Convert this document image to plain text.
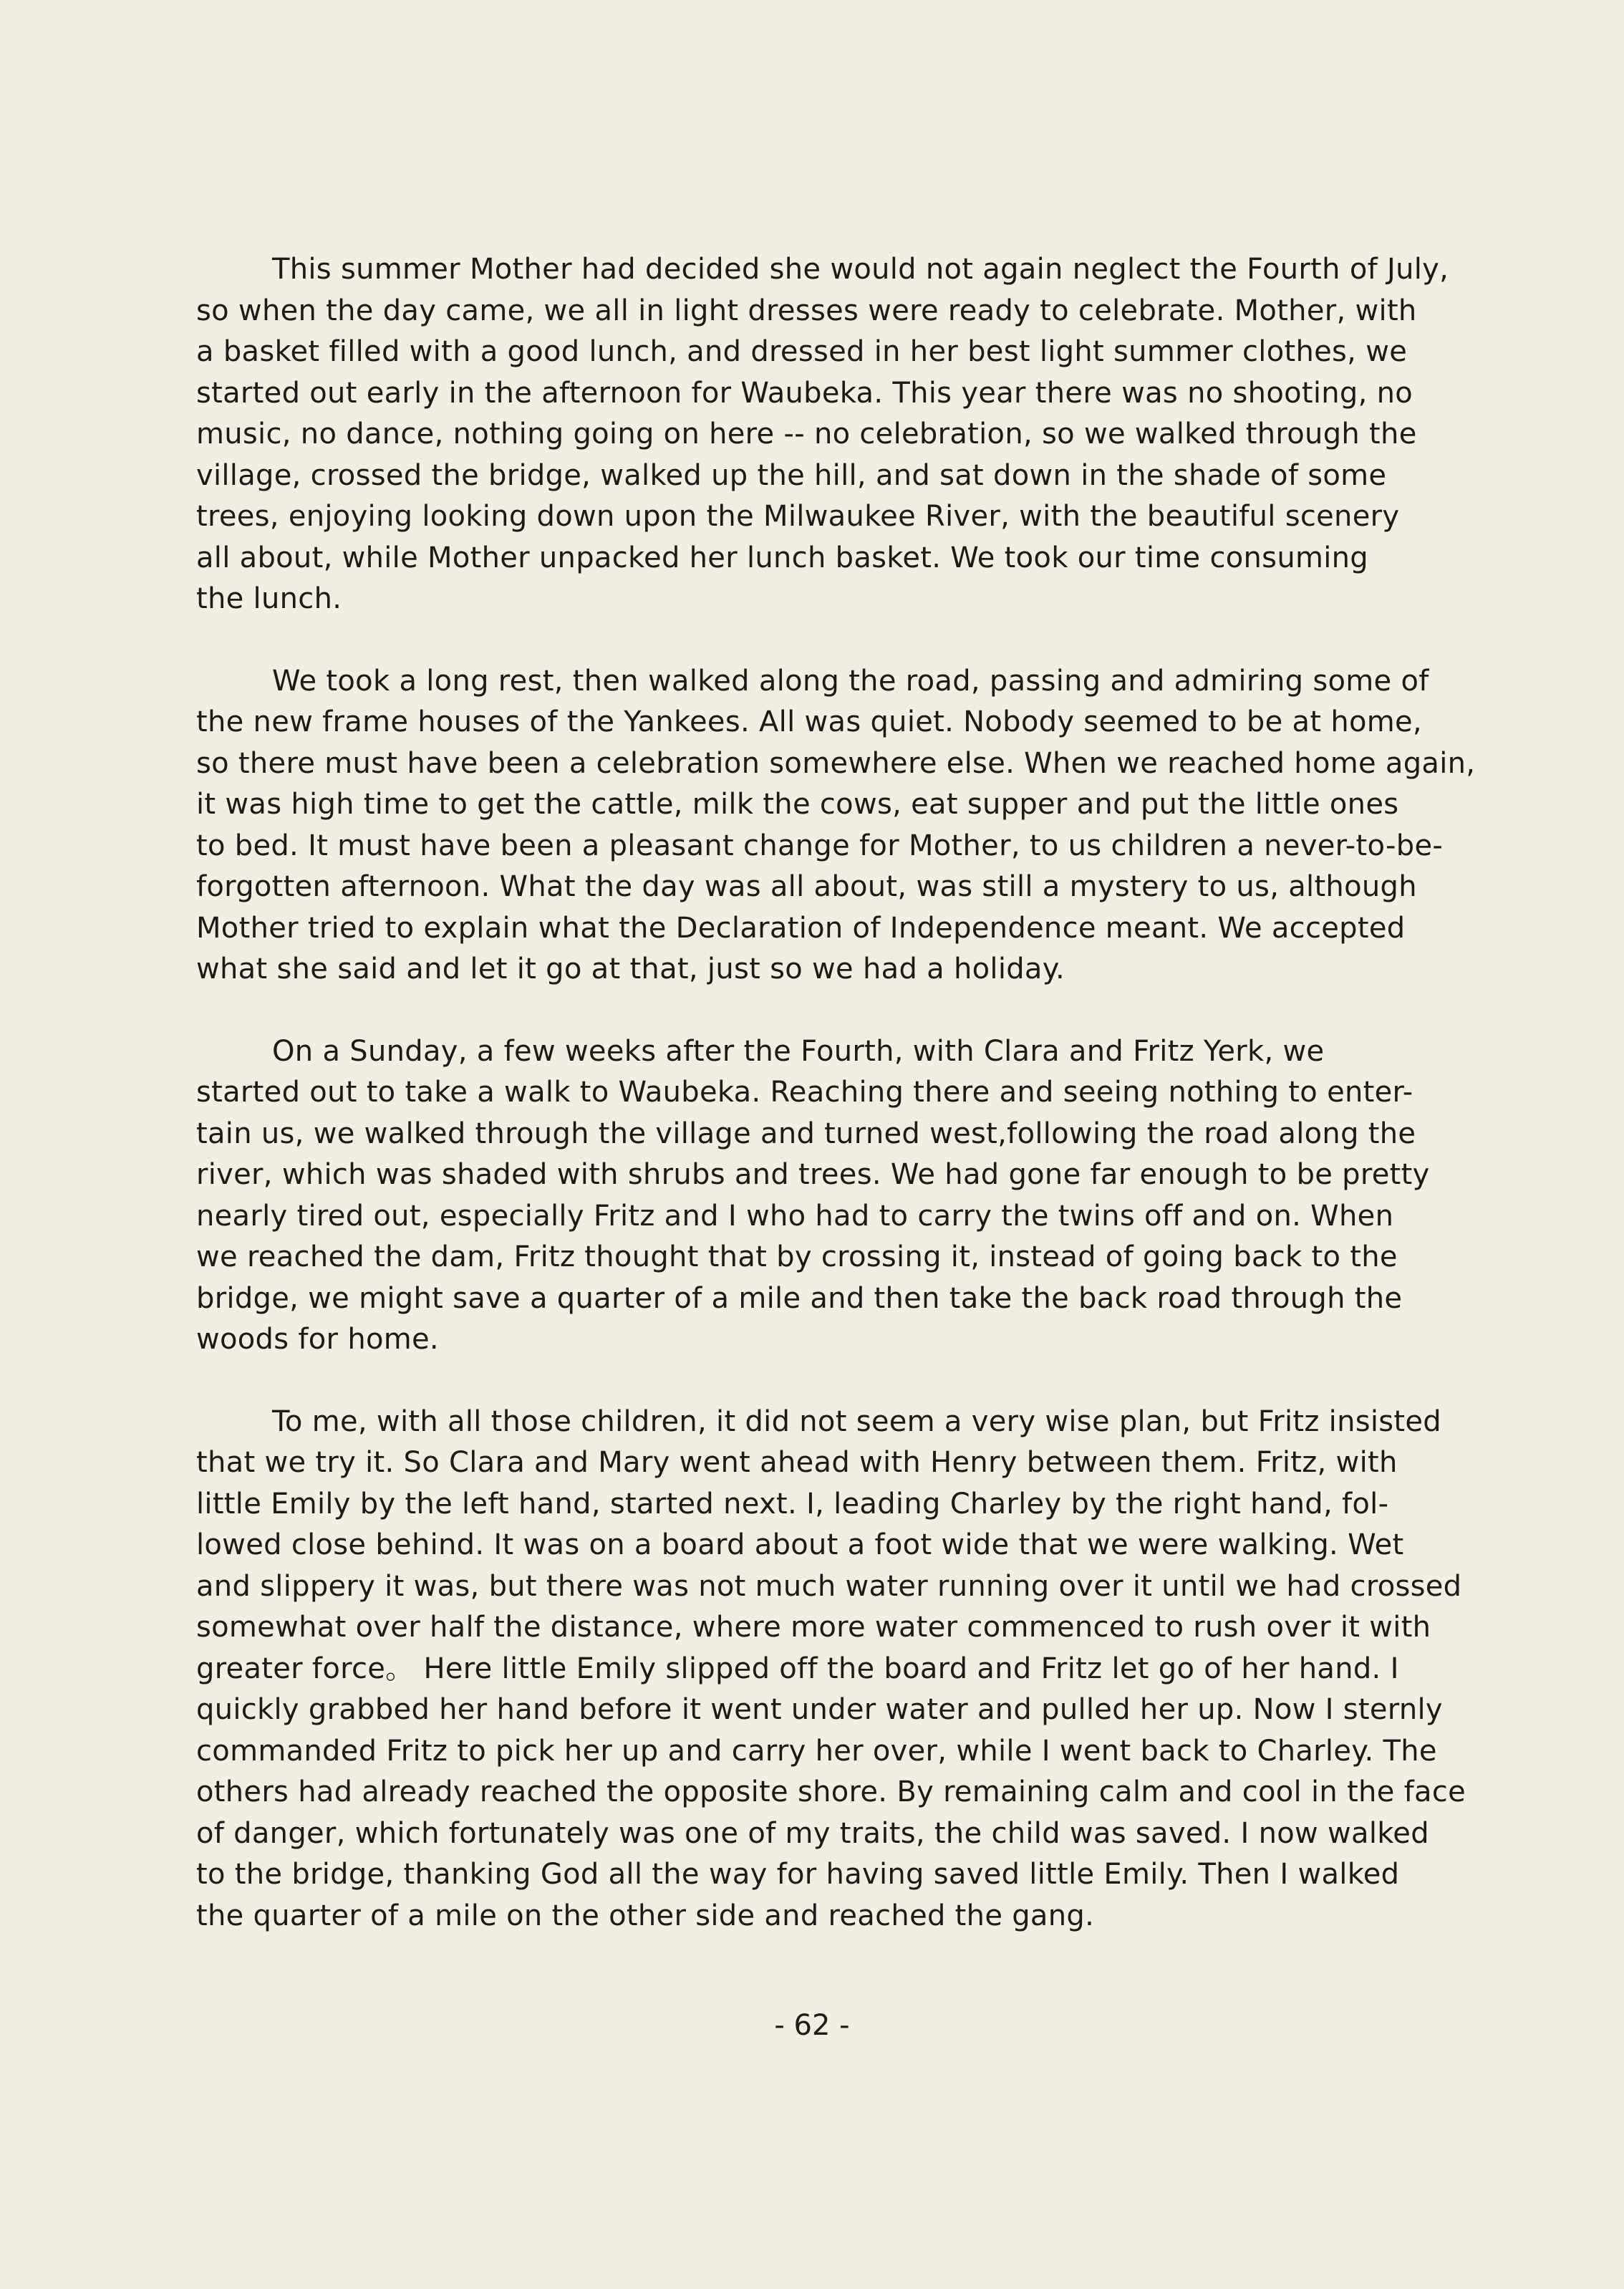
This summer Mother had decided she would not again neglect the Fourth of July,
so when the day came, we all in light dresses were ready to celebrate. Mother, with
a basket filled with a good lunch, and dressed in her best light summer clothes, we
started out early in the afternoon for Waubeka. This year there was no shooting, no
music, no dance, nothing going on here -- no celebration, so we walked through the
village, crossed the bridge, walked up the hill, and sat down in the shade of some
trees, enjoying looking down upon the Milwaukee River, with the beautiful scenery
all about, while Mother unpacked her lunch basket. We took our time consuming
the lunch.
We took a long rest, then walked along the road, passing and admiring some of
the new frame houses of the Yankees. All was quiet. Nobody seemed to be at home,
so there must have been a celebration somewhere else. When we reached home again,
it was high time to get the cattle, milk the cows, eat supper and put the little ones
to bed. It must have been a pleasant change for Mother, to us children a never-to-be-
forgotten afternoon. What the day was all about, was still a mystery to us, although
Mother tried to explain what the Declaration of Independence meant. We accepted
what she said and let it go at that, just so we had a holiday.
On a Sunday, a few weeks after the Fourth, with Clara and Fritz Yerk, we
started out to take a walk to Waubeka. Reaching there and seeing nothing to enter-
tain us, we walked through the village and turned west,following the road along the
river, which was shaded with shrubs and trees. We had gone far enough to be pretty
nearly tired out, especially Fritz and I who had to carry the twins off and on. When
we reached the dam, Fritz thought that by crossing it, instead of going back to the
bridge, we might save a quarter of a mile and then take the back road through the
woods for home.
To me, with all those children, it did not seem a very wise plan, but Fritz insisted
that we try it. So Clara and Mary went ahead with Henry between them. Fritz, with
little Emily by the left hand, started next. I, leading Charley by the right hand, fol-
lowed close behind. It was on a board about a foot wide that we were walking. Wet
and slippery it was, but there was not much water running over it until we had crossed
somewhat over half the distance, where more water commenced to rush over it with
greater force。 Here little Emily slipped off the board and Fritz let go of her hand. I
quickly grabbed her hand before it went under water and pulled her up. Now I sternly
commanded Fritz to pick her up and carry her over, while I went back to Charley. The
others had already reached the opposite shore. By remaining calm and cool in the face
of danger, which fortunately was one of my traits, the child was saved. I now walked
to the bridge, thanking God all the way for having saved little Emily. Then I walked
the quarter of a mile on the other side and reached the gang.
- 62 -
